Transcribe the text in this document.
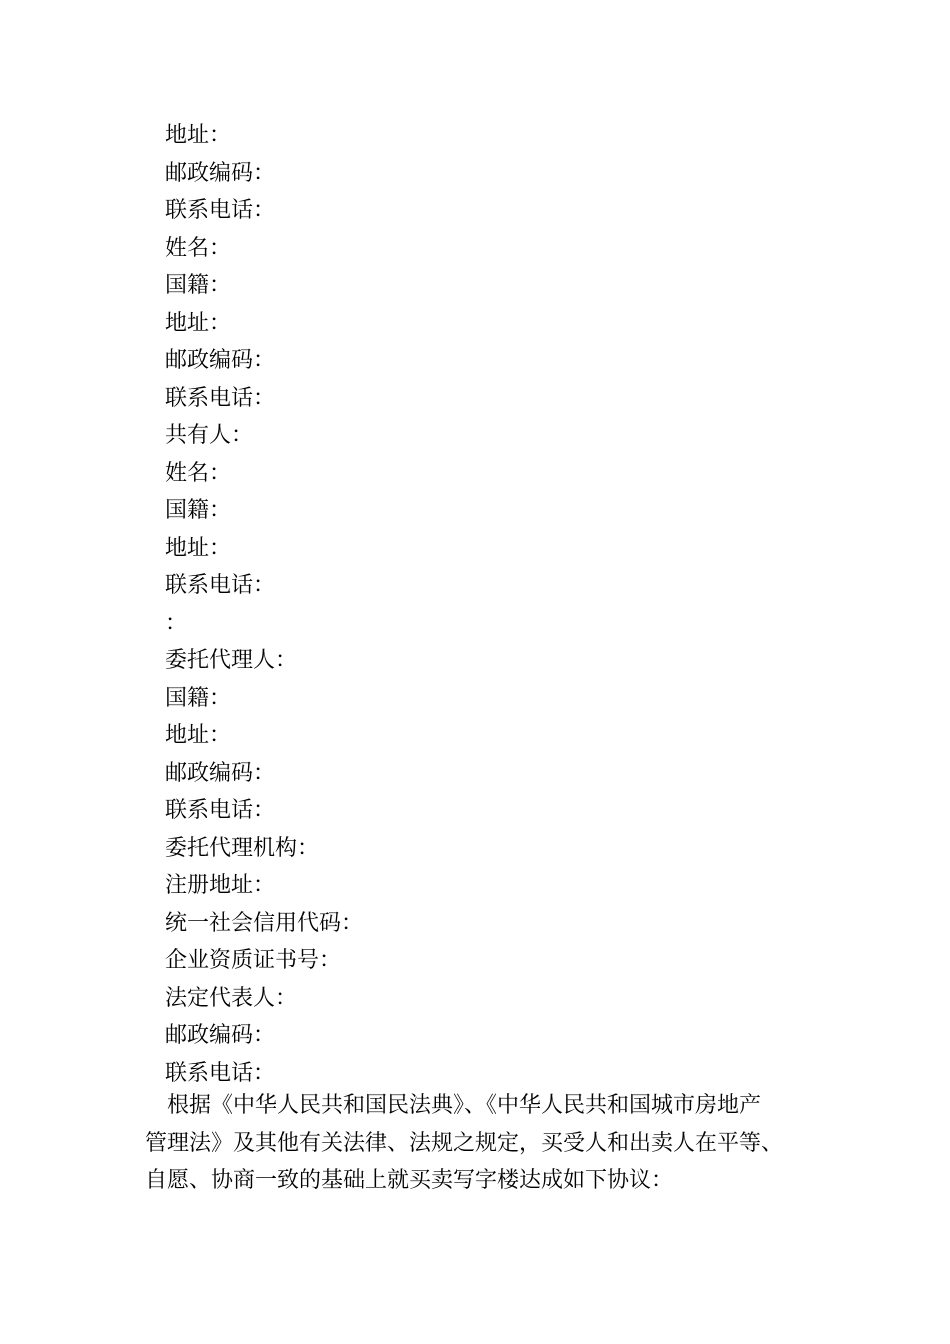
地址：
邮政编码：
联系电话：
姓名：
国籍：
地址：
邮政编码：
联系电话：
共有人：
姓名：
国籍：
地址：
联系电话：
：
委托代理人：
国籍：
地址：
邮政编码：
联系电话：
委托代理机构：
注册地址：
统一社会信用代码：
企业资质证书号：
法定代表人：
邮政编码：
联系电话：
根据《中华人民共和国民法典》、《中华人民共和国城市房地产
管理法》及其他有关法律、法规之规定，买受人和出卖人在平等、
自愿、协商一致的基础上就买卖写字楼达成如下协议：
